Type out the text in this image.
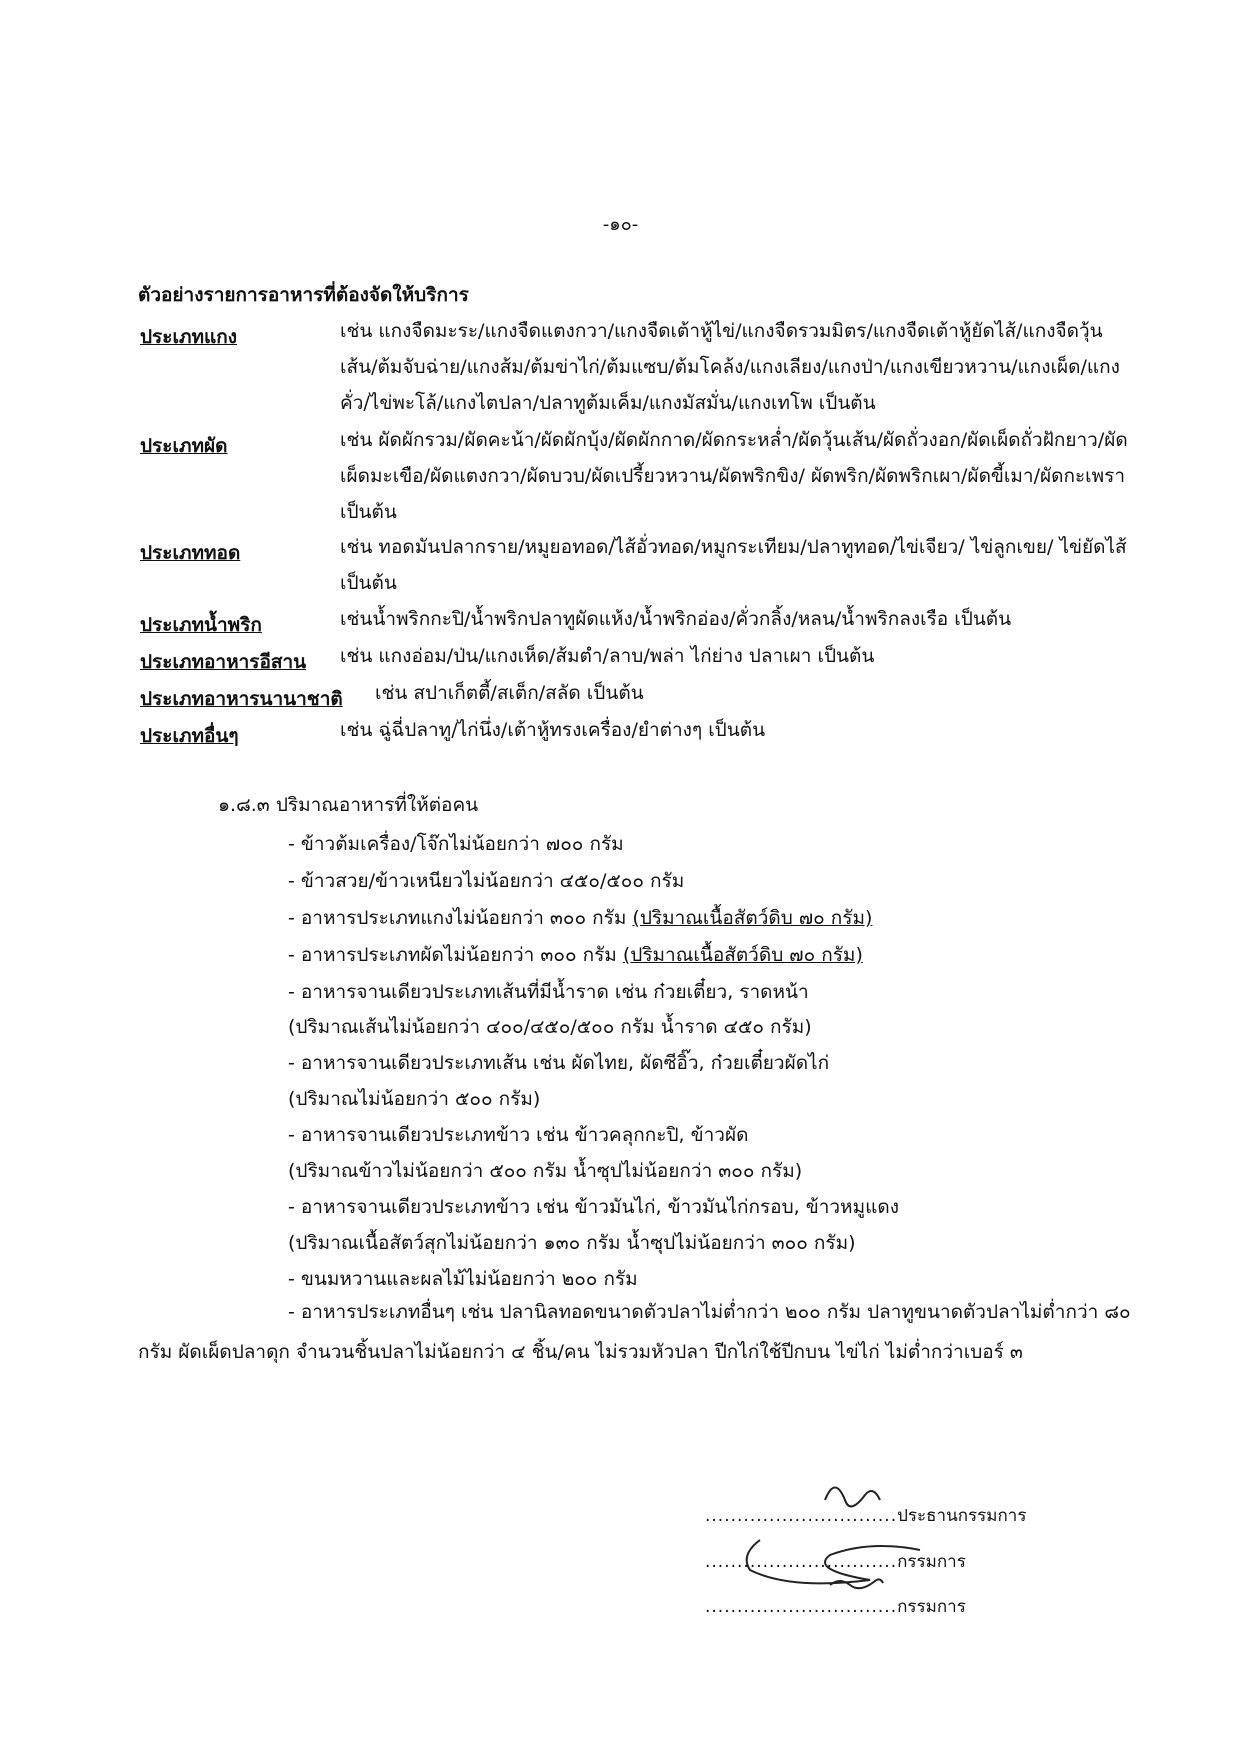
-๑๐-
ตัวอย่างรายการอาหารที่ต้องจัดให้บริการ
ประเภทแกง	เช่น แกงจืดมะระ/แกงจืดแตงกวา/แกงจืดเต้าหู้ไข่/แกงจืดรวมมิตร/แกงจืดเต้าหู้ยัดไส้/แกงจืดวุ้นเส้น/ต้มจับฉ่าย/แกงส้ม/ต้มข่าไก่/ต้มแซบ/ต้มโคล้ง/แกงเลียง/แกงป่า/แกงเขียวหวาน/แกงเผ็ด/แกงคั่ว/ไข่พะโล้/แกงไตปลา/ปลาทูต้มเค็ม/แกงมัสมั่น/แกงเทโพ เป็นต้น
ประเภทผัด	เช่น ผัดผักรวม/ผัดคะน้า/ผัดผักบุ้ง/ผัดผักกาด/ผัดกระหล่ำ/ผัดวุ้นเส้น/ผัดถั่วงอก/ผัดเผ็ดถั่วฝักยาว/ผัดเผ็ดมะเขือ/ผัดแตงกวา/ผัดบวบ/ผัดเปรี้ยวหวาน/ผัดพริกขิง/ ผัดพริก/ผัดพริกเผา/ผัดขี้เมา/ผัดกะเพรา เป็นต้น
ประเภททอด	เช่น ทอดมันปลากราย/หมูยอทอด/ไส้อั่วทอด/หมูกระเทียม/ปลาทูทอด/ไข่เจียว/ ไข่ลูกเขย/ ไข่ยัดไส้ เป็นต้น
ประเภทน้ำพริก	เช่นน้ำพริกกะปิ/น้ำพริกปลาทูผัดแห้ง/น้ำพริกอ่อง/คั่วกลิ้ง/หลน/น้ำพริกลงเรือ เป็นต้น
ประเภทอาหารอีสาน เช่น แกงอ่อม/ป่น/แกงเห็ด/ส้มตำ/ลาบ/พล่า ไก่ย่าง ปลาเผา เป็นต้น
ประเภทอาหารนานาชาติ เช่น สปาเก็ตตี้/สเต็ก/สลัด เป็นต้น
ประเภทอื่นๆ	เช่น ฉู่ฉี่ปลาทู/ไก่นึ่ง/เต้าหู้ทรงเครื่อง/ยำต่างๆ เป็นต้น
๑.๘.๓ ปริมาณอาหารที่ให้ต่อคน
- ข้าวต้มเครื่อง/โจ๊กไม่น้อยกว่า ๗๐๐ กรัม
- ข้าวสวย/ข้าวเหนียวไม่น้อยกว่า ๔๕๐/๕๐๐ กรัม
- อาหารประเภทแกงไม่น้อยกว่า ๓๐๐ กรัม (ปริมาณเนื้อสัตว์ดิบ ๗๐ กรัม)
- อาหารประเภทผัดไม่น้อยกว่า ๓๐๐ กรัม (ปริมาณเนื้อสัตว์ดิบ ๗๐ กรัม)
- อาหารจานเดียวประเภทเส้นที่มีน้ำราด เช่น ก๋วยเตี๋ยว, ราดหน้า
(ปริมาณเส้นไม่น้อยกว่า ๔๐๐/๔๕๐/๕๐๐ กรัม น้ำราด ๔๕๐ กรัม)
- อาหารจานเดียวประเภทเส้น เช่น ผัดไทย, ผัดซีอิ๊ว, ก๋วยเตี๋ยวผัดไก่
(ปริมาณไม่น้อยกว่า ๕๐๐ กรัม)
- อาหารจานเดียวประเภทข้าว เช่น ข้าวคลุกกะปิ, ข้าวผัด
(ปริมาณข้าวไม่น้อยกว่า ๕๐๐ กรัม น้ำซุปไม่น้อยกว่า ๓๐๐ กรัม)
- อาหารจานเดียวประเภทข้าว เช่น ข้าวมันไก่, ข้าวมันไก่กรอบ, ข้าวหมูแดง
(ปริมาณเนื้อสัตว์สุกไม่น้อยกว่า ๑๓๐ กรัม น้ำซุปไม่น้อยกว่า ๓๐๐ กรัม)
- ขนมหวานและผลไม้ไม่น้อยกว่า ๒๐๐ กรัม
- อาหารประเภทอื่นๆ เช่น ปลานิลทอดขนาดตัวปลาไม่ต่ำกว่า ๒๐๐ กรัม ปลาทูขนาดตัวปลาไม่ต่ำกว่า ๘๐ กรัม ผัดเผ็ดปลาดุก จำนวนชิ้นปลาไม่น้อยกว่า ๔ ชิ้น/คน ไม่รวมหัวปลา ปีกไก่ใช้ปีกบน ไข่ไก่ ไม่ต่ำกว่าเบอร์ ๓
..............................ประธานกรรมการ
..............................กรรมการ
..............................กรรมการ
